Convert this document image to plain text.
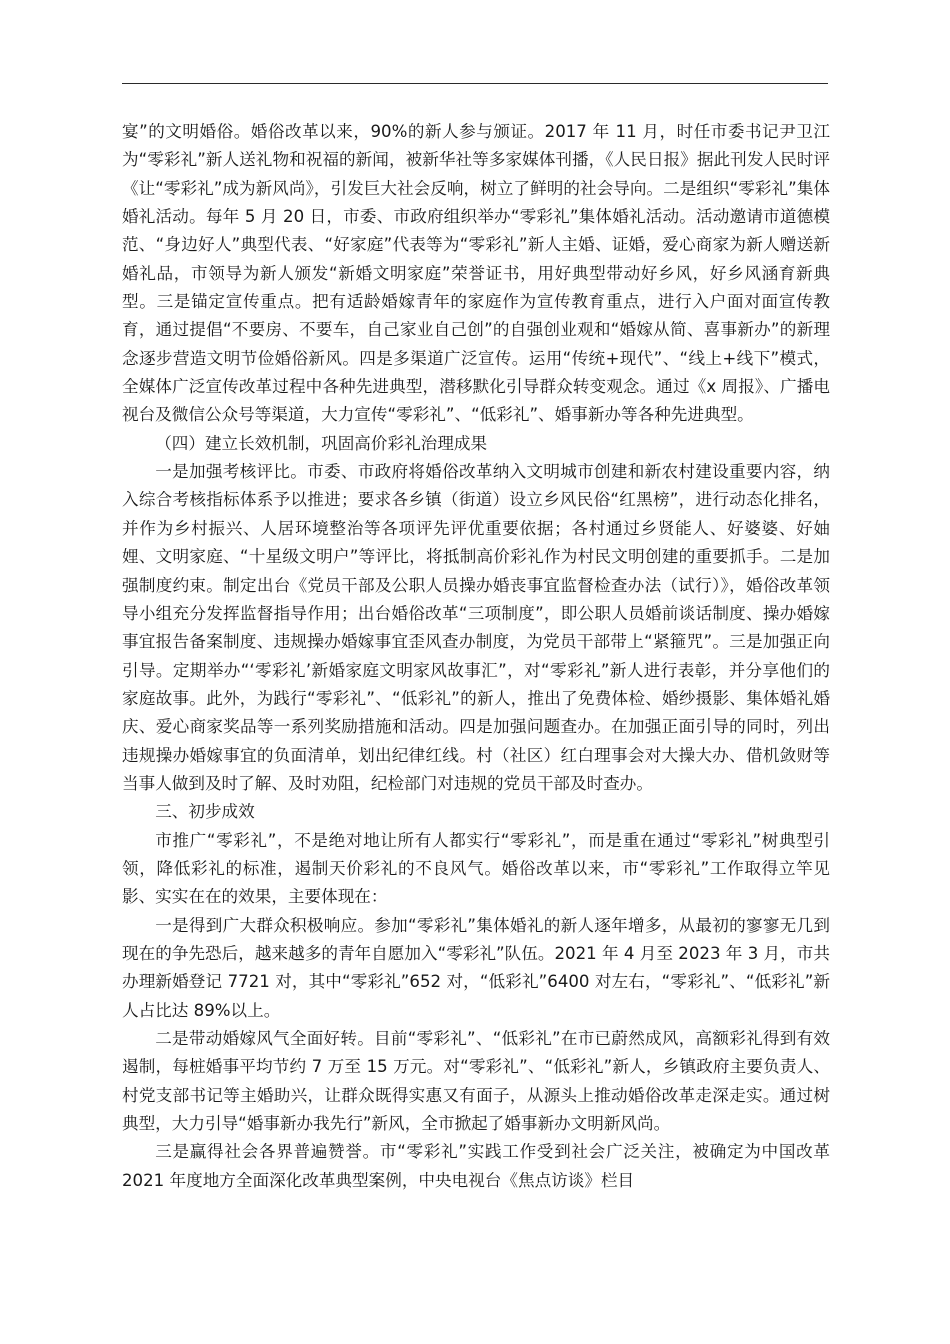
宴”的文明婚俗。婚俗改革以来，90%的新人参与颁证。2017 年 11 月，时任市委书记尹卫江为“零彩礼”新人送礼物和祝福的新闻，被新华社等多家媒体刊播，《人民日报》据此刊发人民时评《让“零彩礼”成为新风尚》，引发巨大社会反响，树立了鲜明的社会导向。二是组织“零彩礼”集体婚礼活动。每年 5 月 20 日，市委、市政府组织举办“零彩礼”集体婚礼活动。活动邀请市道德模范、“身边好人”典型代表、“好家庭”代表等为“零彩礼”新人主婚、证婚，爱心商家为新人赠送新婚礼品，市领导为新人颁发“新婚文明家庭”荣誉证书，用好典型带动好乡风，好乡风涵育新典型。三是锚定宣传重点。把有适龄婚嫁青年的家庭作为宣传教育重点，进行入户面对面宣传教育，通过提倡“不要房、不要车，自己家业自己创”的自强创业观和“婚嫁从简、喜事新办”的新理念逐步营造文明节俭婚俗新风。四是多渠道广泛宣传。运用“传统+现代”、“线上+线下”模式，全媒体广泛宣传改革过程中各种先进典型，潜移默化引导群众转变观念。通过《x 周报》、广播电视台及微信公众号等渠道，大力宣传“零彩礼”、“低彩礼”、婚事新办等各种先进典型。

（四）建立长效机制，巩固高价彩礼治理成果

一是加强考核评比。市委、市政府将婚俗改革纳入文明城市创建和新农村建设重要内容，纳入综合考核指标体系予以推进；要求各乡镇（街道）设立乡风民俗“红黑榜”，进行动态化排名，并作为乡村振兴、人居环境整治等各项评先评优重要依据；各村通过乡贤能人、好婆婆、好妯娌、文明家庭、“十星级文明户”等评比，将抵制高价彩礼作为村民文明创建的重要抓手。二是加强制度约束。制定出台《党员干部及公职人员操办婚丧事宜监督检查办法（试行）》，婚俗改革领导小组充分发挥监督指导作用；出台婚俗改革“三项制度”，即公职人员婚前谈话制度、操办婚嫁事宜报告备案制度、违规操办婚嫁事宜歪风查办制度，为党员干部带上“紧箍咒”。三是加强正向引导。定期举办“‘零彩礼’新婚家庭文明家风故事汇”，对“零彩礼”新人进行表彰，并分享他们的家庭故事。此外，为践行“零彩礼”、“低彩礼”的新人，推出了免费体检、婚纱摄影、集体婚礼婚庆、爱心商家奖品等一系列奖励措施和活动。四是加强问题查办。在加强正面引导的同时，列出违规操办婚嫁事宜的负面清单，划出纪律红线。村（社区）红白理事会对大操大办、借机敛财等当事人做到及时了解、及时劝阻，纪检部门对违规的党员干部及时查办。

三、初步成效

市推广“零彩礼”，不是绝对地让所有人都实行“零彩礼”，而是重在通过“零彩礼”树典型引领，降低彩礼的标准，遏制天价彩礼的不良风气。婚俗改革以来，市“零彩礼”工作取得立竿见影、实实在在的效果，主要体现在：

一是得到广大群众积极响应。参加“零彩礼”集体婚礼的新人逐年增多，从最初的寥寥无几到现在的争先恐后，越来越多的青年自愿加入“零彩礼”队伍。2021 年 4 月至 2023 年 3 月，市共办理新婚登记 7721 对，其中“零彩礼”652 对，“低彩礼”6400 对左右，“零彩礼”、“低彩礼”新人占比达 89%以上。

二是带动婚嫁风气全面好转。目前“零彩礼”、“低彩礼”在市已蔚然成风，高额彩礼得到有效遏制，每桩婚事平均节约 7 万至 15 万元。对“零彩礼”、“低彩礼”新人，乡镇政府主要负责人、村党支部书记等主婚助兴，让群众既得实惠又有面子，从源头上推动婚俗改革走深走实。通过树典型，大力引导“婚事新办我先行”新风，全市掀起了婚事新办文明新风尚。

三是赢得社会各界普遍赞誉。市“零彩礼”实践工作受到社会广泛关注，被确定为中国改革 2021 年度地方全面深化改革典型案例，中央电视台《焦点访谈》栏目
